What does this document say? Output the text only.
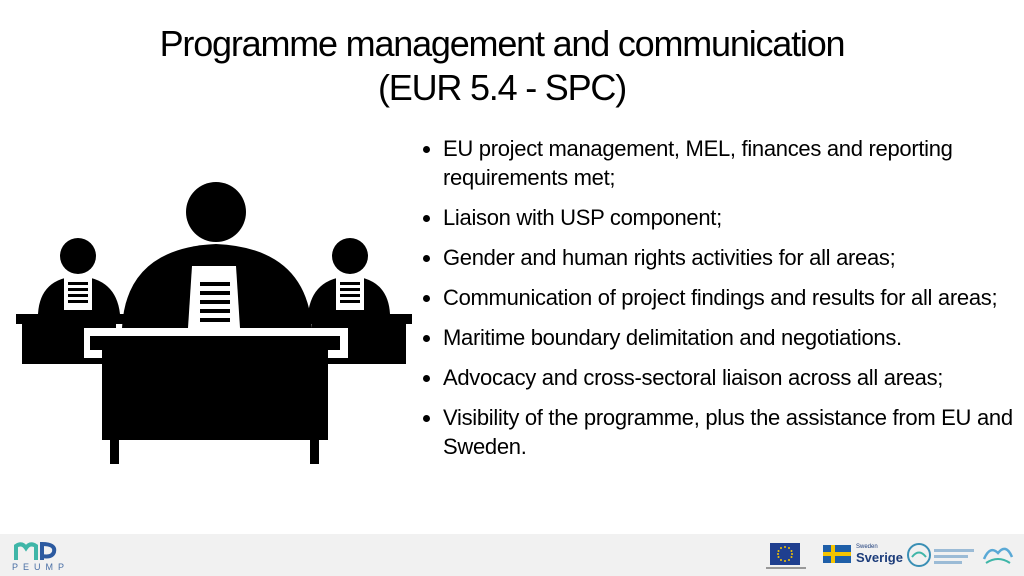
Programme management and communication
(EUR 5.4 - SPC)
EU project management, MEL, finances and reporting requirements met;
Liaison with USP component;
Gender and human rights activities for all areas;
Communication of project findings and results for all areas;
Maritime boundary delimitation and negotiations.
Advocacy and cross-sectoral liaison across all areas;
Visibility of the programme, plus the assistance from EU and Sweden.
PEUMP
Sweden
Sverige
